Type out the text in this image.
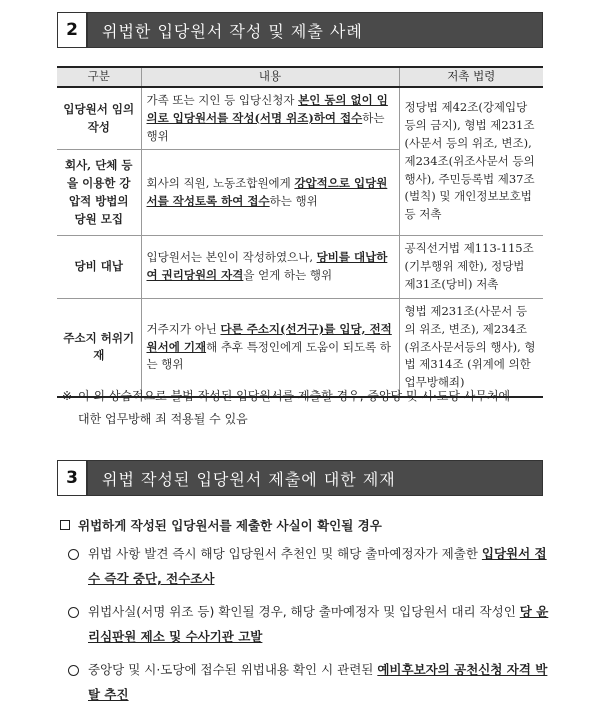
2	위법한 입당원서 작성 및 제출 사례
구분	내용	저촉 법령
입당원서 임의 작성	가족 또는 지인 등 입당신청자 본인 동의 없이 임의로 입당원서를 작성(서명 위조)하여 접수하는 행위	정당법 제42조(강제입당 등의 금지), 형법 제231조(사문서 등의 위조, 변조), 제234조(위조사문서 등의 행사), 주민등록법 제37조(벌칙) 및 개인정보보호법 등 저촉
회사, 단체 등을 이용한 강압적 방법의 당원 모집	회사의 직원, 노동조합원에게 강압적으로 입당원서를 작성토록 하여 접수하는 행위	
당비 대납	입당원서는 본인이 작성하였으나, 당비를 대납하여 권리당원의 자격을 얻게 하는 행위	공직선거법 제113-115조(기부행위 제한), 정당법 제31조(당비) 저촉
주소지 허위기재	거주지가 아닌 다른 주소지(선거구)를 입당, 전적원서에 기재해 추후 특정인에게 도움이 되도록 하는 행위	형법 제231조(사문서 등의 위조, 변조), 제234조(위조사문서등의 행사), 형법 제314조 (위계에 의한 업무방해죄)
※ 이 외 상습적으로 불법 작성된 입당원서를 제출할 경우, 중앙당 및 시·도당 사무처에
대한 업무방해 죄 적용될 수 있음
3	위법 작성된 입당원서 제출에 대한 제재
위법하게 작성된 입당원서를 제출한 사실이 확인될 경우
위법 사항 발견 즉시 해당 입당원서 추천인 및 해당 출마예정자가 제출한 입당원서 접수 즉각 중단, 전수조사
위법사실(서명 위조 등) 확인될 경우, 해당 출마예정자 및 입당원서 대리 작성인 당 윤리심판원 제소 및 수사기관 고발
중앙당 및 시·도당에 접수된 위법내용 확인 시 관련된 예비후보자의 공천신청 자격 박탈 추진
